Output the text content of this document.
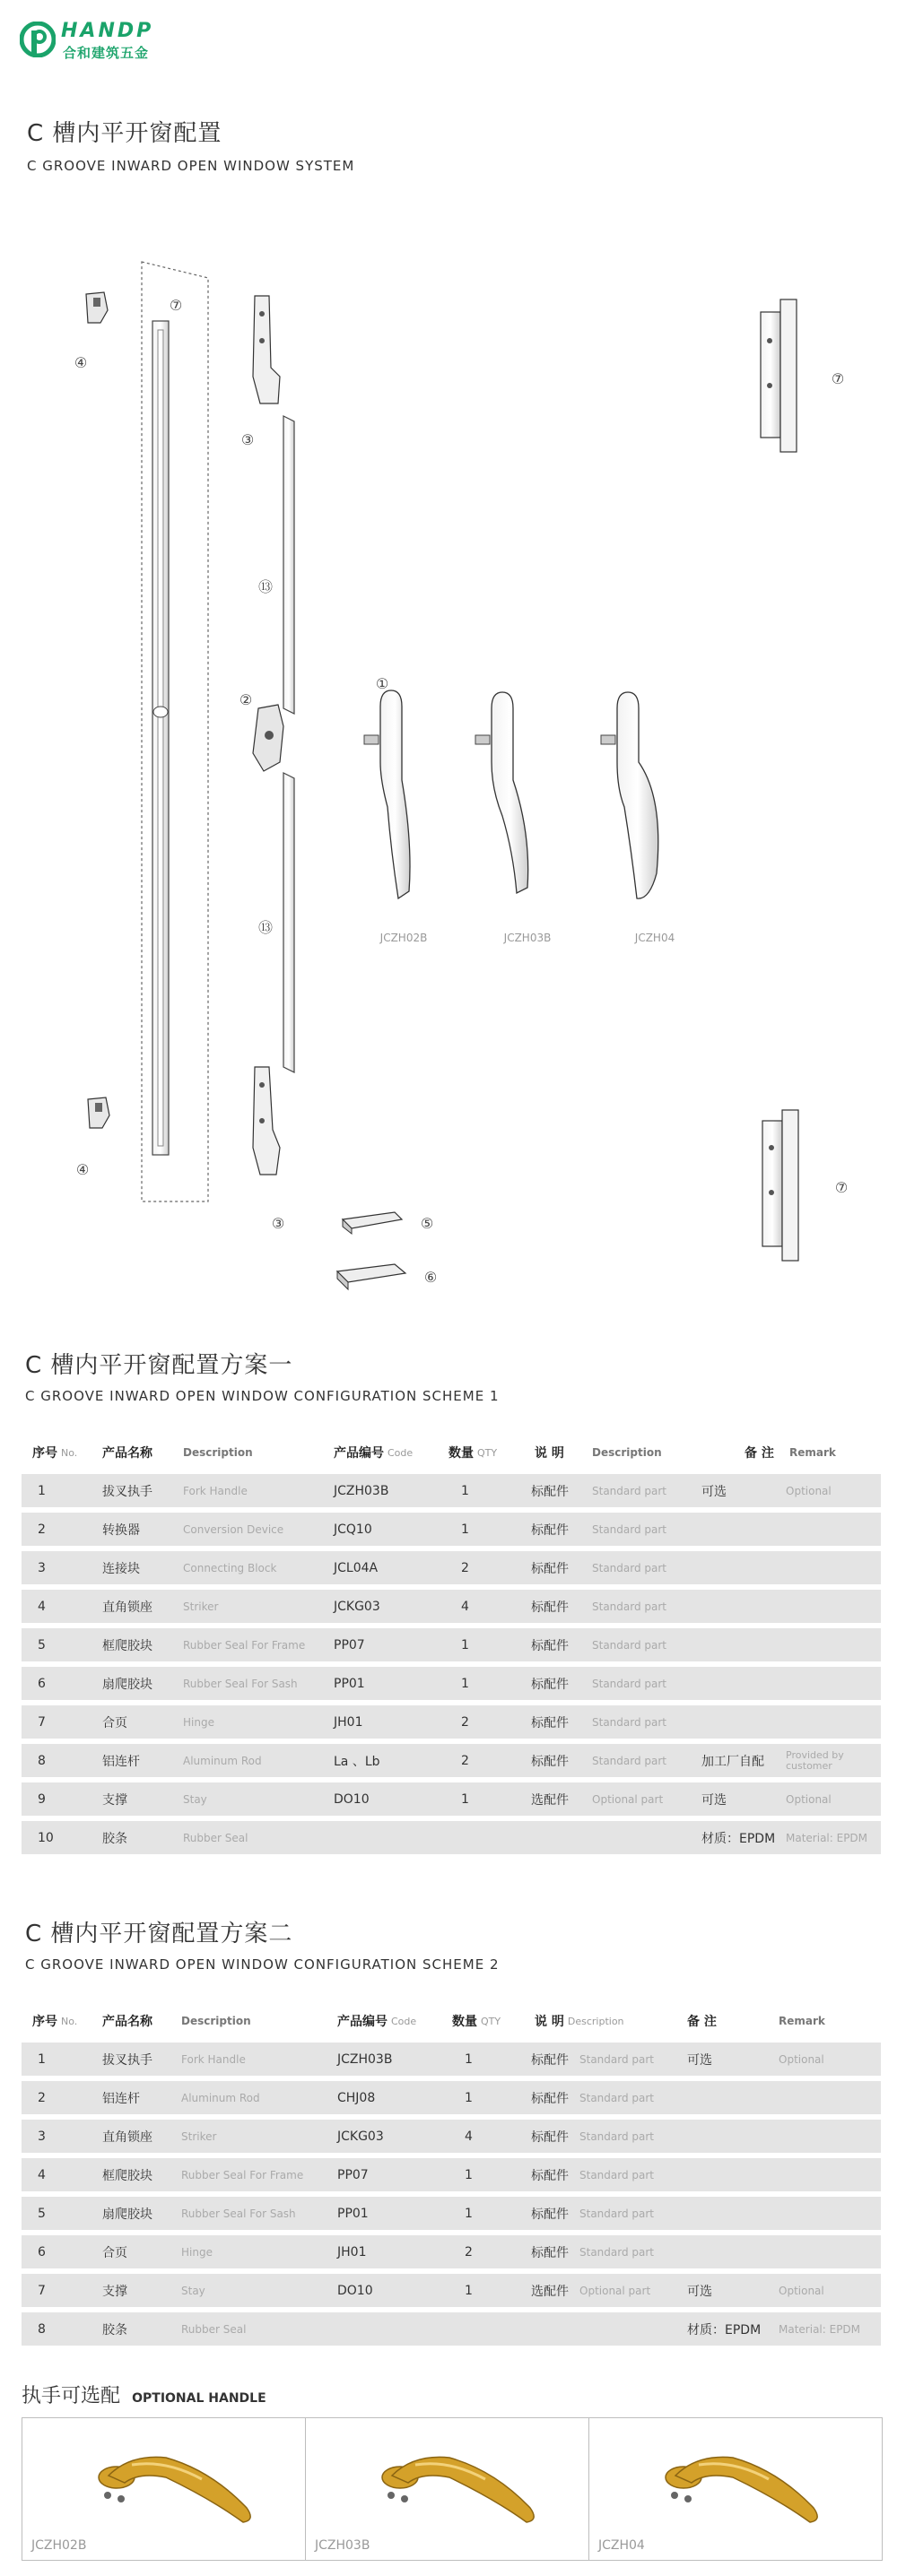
HANDP
合和建筑五金
C 槽内平开窗配置
C GROOVE INWARD OPEN WINDOW SYSTEM
④
⑦
③
⑬
②
⑬
③
①
④
⑤
⑥
⑦
⑦
JCZH02B	JCZH03B	JCZH04
C 槽内平开窗配置方案一
C GROOVE INWARD OPEN WINDOW CONFIGURATION SCHEME 1
序号 No. 产品名称	Description	产品编号 Code	数量 QTY	说 明	Description	备 注 Remark
1	拔叉执手	Fork Handle	JCZH03B	1	标配件 Standard part	可选	Optional
2	转换器	Conversion Device	JCQ10	1	标配件 Standard part
3	连接块	Connecting Block	JCL04A	2	标配件 Standard part
4	直角锁座	Striker	JCKG03	4	标配件 Standard part
5	框爬胶块	Rubber Seal For Frame PP07	1	标配件 Standard part
6	扇爬胶块	Rubber Seal For Sash	PP01	1	标配件 Standard part
7	合页	Hinge	JH01	2	标配件 Standard part
8	铝连杆	Aluminum Rod	La 、Lb	2	标配件 Standard part	加工厂自配 Provided by customer
9	支撑	Stay	DO10	1	选配件 Optional part	可选	Optional
10	胶条	Rubber Seal	材质：EPDM Material: EPDM
C 槽内平开窗配置方案二
C GROOVE INWARD OPEN WINDOW CONFIGURATION SCHEME 2
序号 No. 产品名称	Description	产品编号 Code	数量 QTY	说 明 Description	备 注	Remark
1	拔叉执手	Fork Handle	JCZH03B	1	标配件 Standard part	可选	Optional
2	铝连杆	Aluminum Rod	CHJ08	1	标配件 Standard part
3	直角锁座	Striker	JCKG03	4	标配件 Standard part
4	框爬胶块	Rubber Seal For Frame	PP07	1	标配件 Standard part
5	扇爬胶块	Rubber Seal For Sash	PP01	1	标配件 Standard part
6	合页	Hinge	JH01	2	标配件 Standard part
7	支撑	Stay	DO10	1	选配件 Optional part	可选	Optional
8	胶条	Rubber Seal	材质：EPDM Material: EPDM
执手可选配 OPTIONAL HANDLE
JCZH02B	JCZH03B	JCZH04
